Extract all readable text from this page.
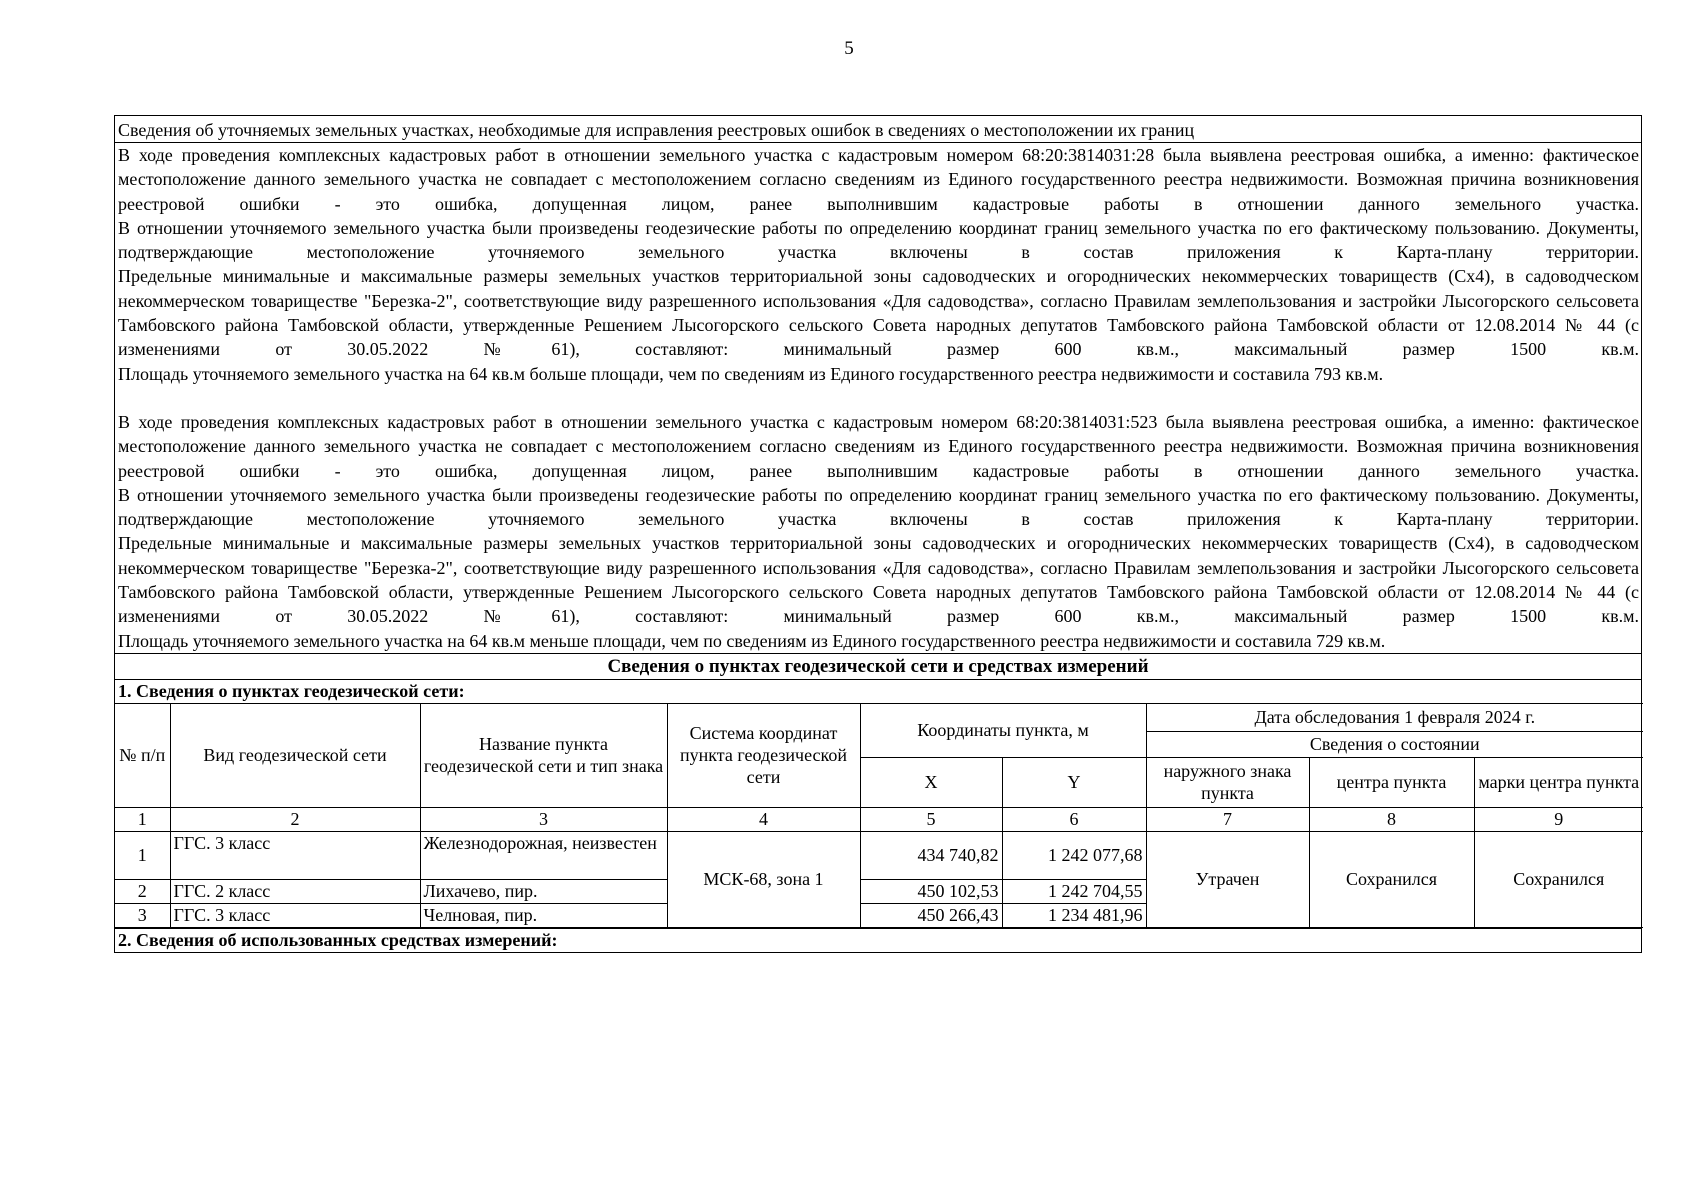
5
Сведения об уточняемых земельных участках, необходимые для исправления реестровых ошибок в сведениях о местоположении их границ

В ходе проведения комплексных кадастровых работ в отношении земельного участка с кадастровым номером 68:20:3814031:28 была выявлена реестровая ошибка, а именно: фактическое местоположение данного земельного участка не совпадает с местоположением согласно сведениям из Единого государственного реестра недвижимости. Возможная причина возникновения реестровой ошибки - это ошибка, допущенная лицом, ранее выполнившим кадастровые работы в отношении данного земельного участка.

В отношении уточняемого земельного участка были произведены геодезические работы по определению координат границ земельного участка по его фактическому пользованию. Документы, подтверждающие местоположение уточняемого земельного участка включены в состав приложения к Карта-плану территории.

Предельные минимальные и максимальные размеры земельных участков территориальной зоны садоводческих и огороднических некоммерческих товариществ (Сх4), в садоводческом некоммерческом товариществе "Березка-2", соответствующие виду разрешенного использования «Для садоводства», согласно Правилам землепользования и застройки Лысогорского сельсовета Тамбовского района Тамбовской области, утвержденные Решением Лысогорского сельского Совета народных депутатов Тамбовского района Тамбовской области от 12.08.2014 № 44 (с изменениями от 30.05.2022 №61), составляют: минимальный размер 600 кв.м., максимальный размер 1500 кв.м.

Площадь уточняемого земельного участка на 64 кв.м больше площади, чем по сведениям из Единого государственного реестра недвижимости и составила 793 кв.м.

В ходе проведения комплексных кадастровых работ в отношении земельного участка с кадастровым номером 68:20:3814031:523 была выявлена реестровая ошибка, а именно: фактическое местоположение данного земельного участка не совпадает с местоположением согласно сведениям из Единого государственного реестра недвижимости. Возможная причина возникновения реестровой ошибки - это ошибка, допущенная лицом, ранее выполнившим кадастровые работы в отношении данного земельного участка.

В отношении уточняемого земельного участка были произведены геодезические работы по определению координат границ земельного участка по его фактическому пользованию. Документы, подтверждающие местоположение уточняемого земельного участка включены в состав приложения к Карта-плану территории.

Предельные минимальные и максимальные размеры земельных участков территориальной зоны садоводческих и огороднических некоммерческих товариществ (Сх4), в садоводческом некоммерческом товариществе "Березка-2", соответствующие виду разрешенного использования «Для садоводства», согласно Правилам землепользования и застройки Лысогорского сельсовета Тамбовского района Тамбовской области, утвержденные Решением Лысогорского сельского Совета народных депутатов Тамбовского района Тамбовской области от 12.08.2014 № 44 (с изменениями от 30.05.2022 №61), составляют: минимальный размер 600 кв.м., максимальный размер 1500 кв.м.

Площадь уточняемого земельного участка на 64 кв.м меньше площади, чем по сведениям из Единого государственного реестра недвижимости и составила 729 кв.м.

Сведения о пунктах геодезической сети и средствах измерений
1. Сведения о пунктах геодезической сети:
№ п/п	Вид геодезической сети	Название пункта геодезической сети и тип знака	Система координат пункта геодезической сети	Координаты пункта, м		Дата обследования 1 февраля 2024 г.		
						Сведения о состоянии		
				X	Y	наружного знака пункта	центра пункта	марки центра пункта
1	2	3	4	5	6	7	8	9
1	ГГС. 3 класс	Железнодорожная, неизвестен	МСК-68, зона 1	434 740,82	1 242 077,68	Утрачен	Сохранился	Сохранился
2	ГГС. 2 класс	Лихачево, пир.		450 102,53	1 242 704,55			
3	ГГС. 3 класс	Челновая, пир.		450 266,43	1 234 481,96			
2. Сведения об использованных средствах измерений:
